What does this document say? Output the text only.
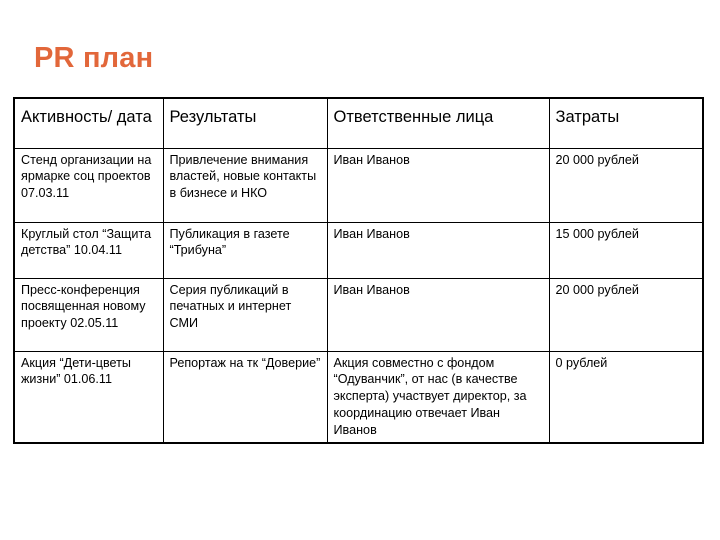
PR план
Активность/ дата	Результаты	Ответственные лица	Затраты
Стенд организации на ярмарке соц проектов 07.03.11	Привлечение внимания властей, новые контакты в бизнесе и НКО	Иван Иванов	20 000 рублей
Круглый стол “Защита детства” 10.04.11	Публикация в газете “Трибуна”	Иван Иванов	15 000 рублей
Пресс-конференция посвященная новому проекту 02.05.11	Серия публикаций в печатных и интернет СМИ	Иван Иванов	20 000 рублей
Акция “Дети-цветы жизни” 01.06.11	Репортаж на тк “Доверие”	Акция совместно с фондом “Одуванчик”, от нас (в качестве эксперта) участвует директор, за координацию отвечает Иван Иванов	0 рублей
